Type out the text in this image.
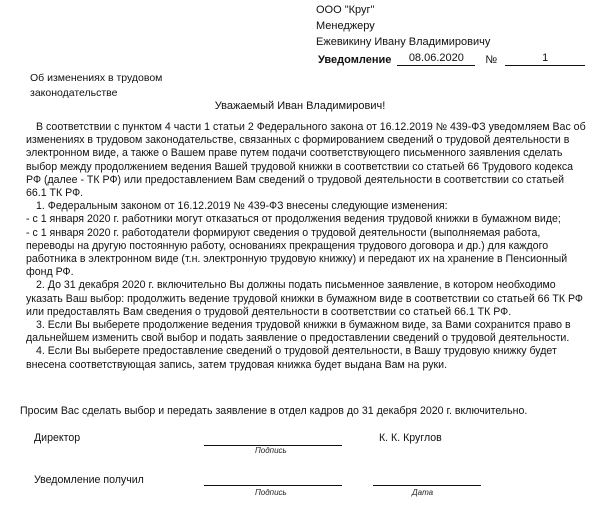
ООО "Круг"
Менеджеру
Ежевикину Ивану Владимировичу
Уведомление	08.06.2020	№	1
Об изменениях в трудовом законодательстве
Уважаемый Иван Владимирович!

В соответствии с пунктом 4 части 1 статьи 2 Федерального закона от 16.12.2019 № 439-ФЗ уведомляем Вас об изменениях в трудовом законодательстве, связанных с формированием сведений о трудовой деятельности в электронном виде, а также о Вашем праве путем подачи соответствующего письменного заявления сделать выбор между продолжением ведения Вашей трудовой книжки в соответствии со статьей 66 Трудового кодекса РФ (далее - ТК РФ) или предоставлением Вам сведений о трудовой деятельности в соответствии со статьей 66.1 ТК РФ.

1. Федеральным законом от 16.12.2019 № 439-ФЗ внесены следующие изменения:

- с 1 января 2020 г. работники могут отказаться от продолжения ведения трудовой книжки в бумажном виде;

- с 1 января 2020 г. работодатели формируют сведения о трудовой деятельности (выполняемая работа, переводы на другую постоянную работу, основаниях прекращения трудового договора и др.) для каждого работника в электронном виде (т.н. электронную трудовую книжку) и передают их на хранение в Пенсионный фонд РФ.

2. До 31 декабря 2020 г. включительно Вы должны подать письменное заявление, в котором необходимо указать Ваш выбор: продолжить ведение трудовой книжки в бумажном виде в соответствии со статьей 66 ТК РФ или предоставлять Вам сведения о трудовой деятельности в соответствии со статьей 66.1 ТК РФ.

3. Если Вы выберете продолжение ведения трудовой книжки в бумажном виде, за Вами сохранится право в дальнейшем изменить свой выбор и подать заявление о предоставлении сведений о трудовой деятельности.

4. Если Вы выберете предоставление сведений о трудовой деятельности, в Вашу трудовую книжку будет внесена соответствующая запись, затем трудовая книжка будет выдана Вам на руки.

Просим Вас сделать выбор и передать заявление в отдел кадров до 31 декабря 2020 г. включительно.
Директор
Подпись
К. К. Круглов
Уведомление получил
Подпись	Дата
